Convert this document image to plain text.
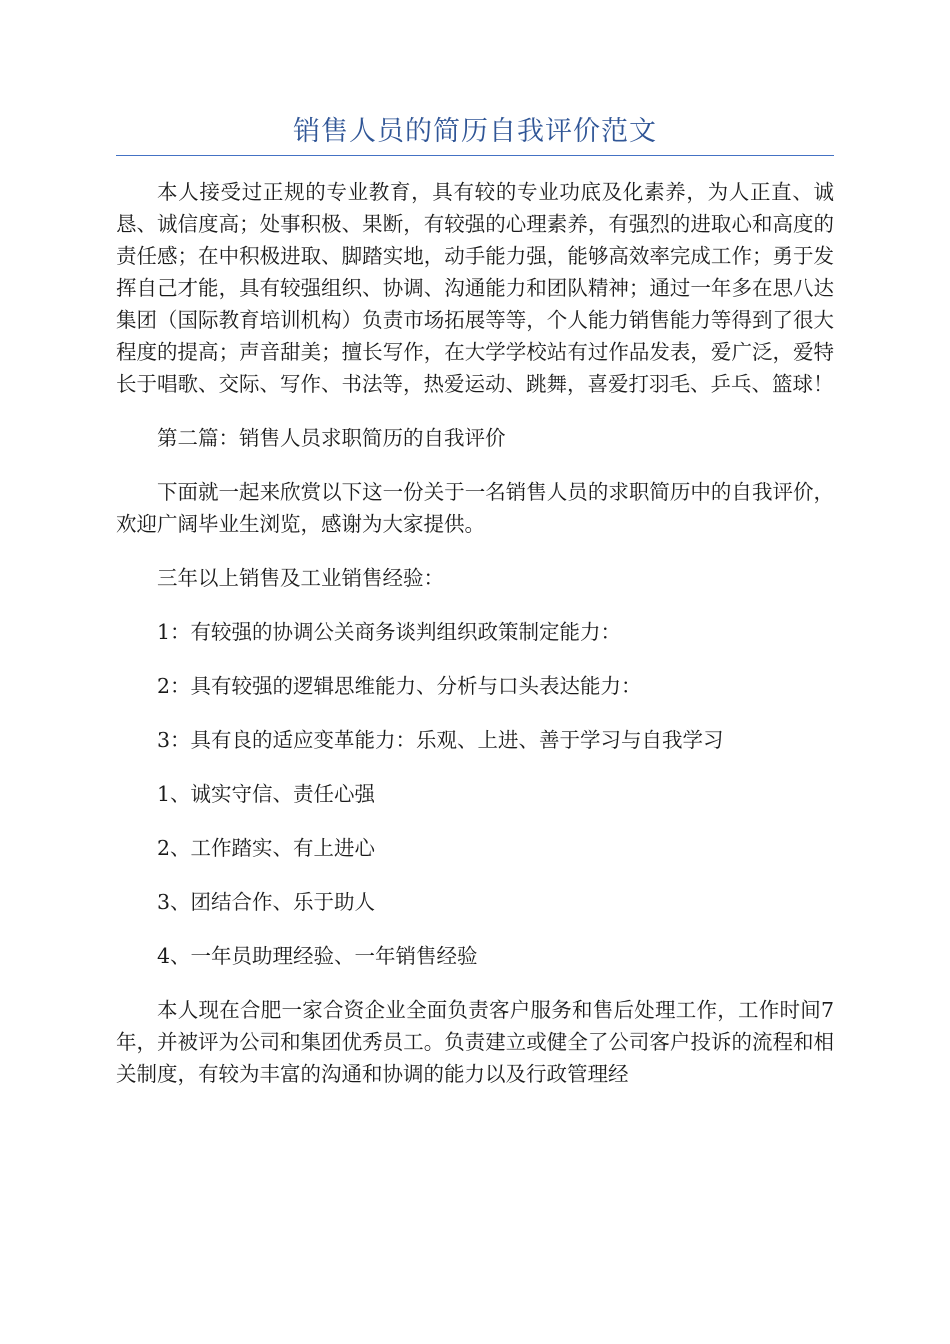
销售人员的简历自我评价范文

本人接受过正规的专业教育，具有较的专业功底及化素养，为人正直、诚恳、诚信度高；处事积极、果断，有较强的心理素养，有强烈的进取心和高度的责任感；在中积极进取、脚踏实地，动手能力强，能够高效率完成工作；勇于发挥自己才能，具有较强组织、协调、沟通能力和团队精神；通过一年多在思八达集团（国际教育培训机构）负责市场拓展等等，个人能力销售能力等得到了很大程度的提高；声音甜美；擅长写作，在大学学校站有过作品发表，爱广泛，爱特长于唱歌、交际、写作、书法等，热爱运动、跳舞，喜爱打羽毛、乒乓、篮球！

第二篇：销售人员求职简历的自我评价

下面就一起来欣赏以下这一份关于一名销售人员的求职简历中的自我评价，欢迎广阔毕业生浏览，感谢为大家提供。

三年以上销售及工业销售经验：

1：有较强的协调公关商务谈判组织政策制定能力：

2：具有较强的逻辑思维能力、分析与口头表达能力：

3：具有良的适应变革能力：乐观、上进、善于学习与自我学习

1、诚实守信、责任心强

2、工作踏实、有上进心

3、团结合作、乐于助人

4、一年员助理经验、一年销售经验

本人现在合肥一家合资企业全面负责客户服务和售后处理工作，工作时间7年，并被评为公司和集团优秀员工。负责建立或健全了公司客户投诉的流程和相关制度，有较为丰富的沟通和协调的能力以及行政管理经
